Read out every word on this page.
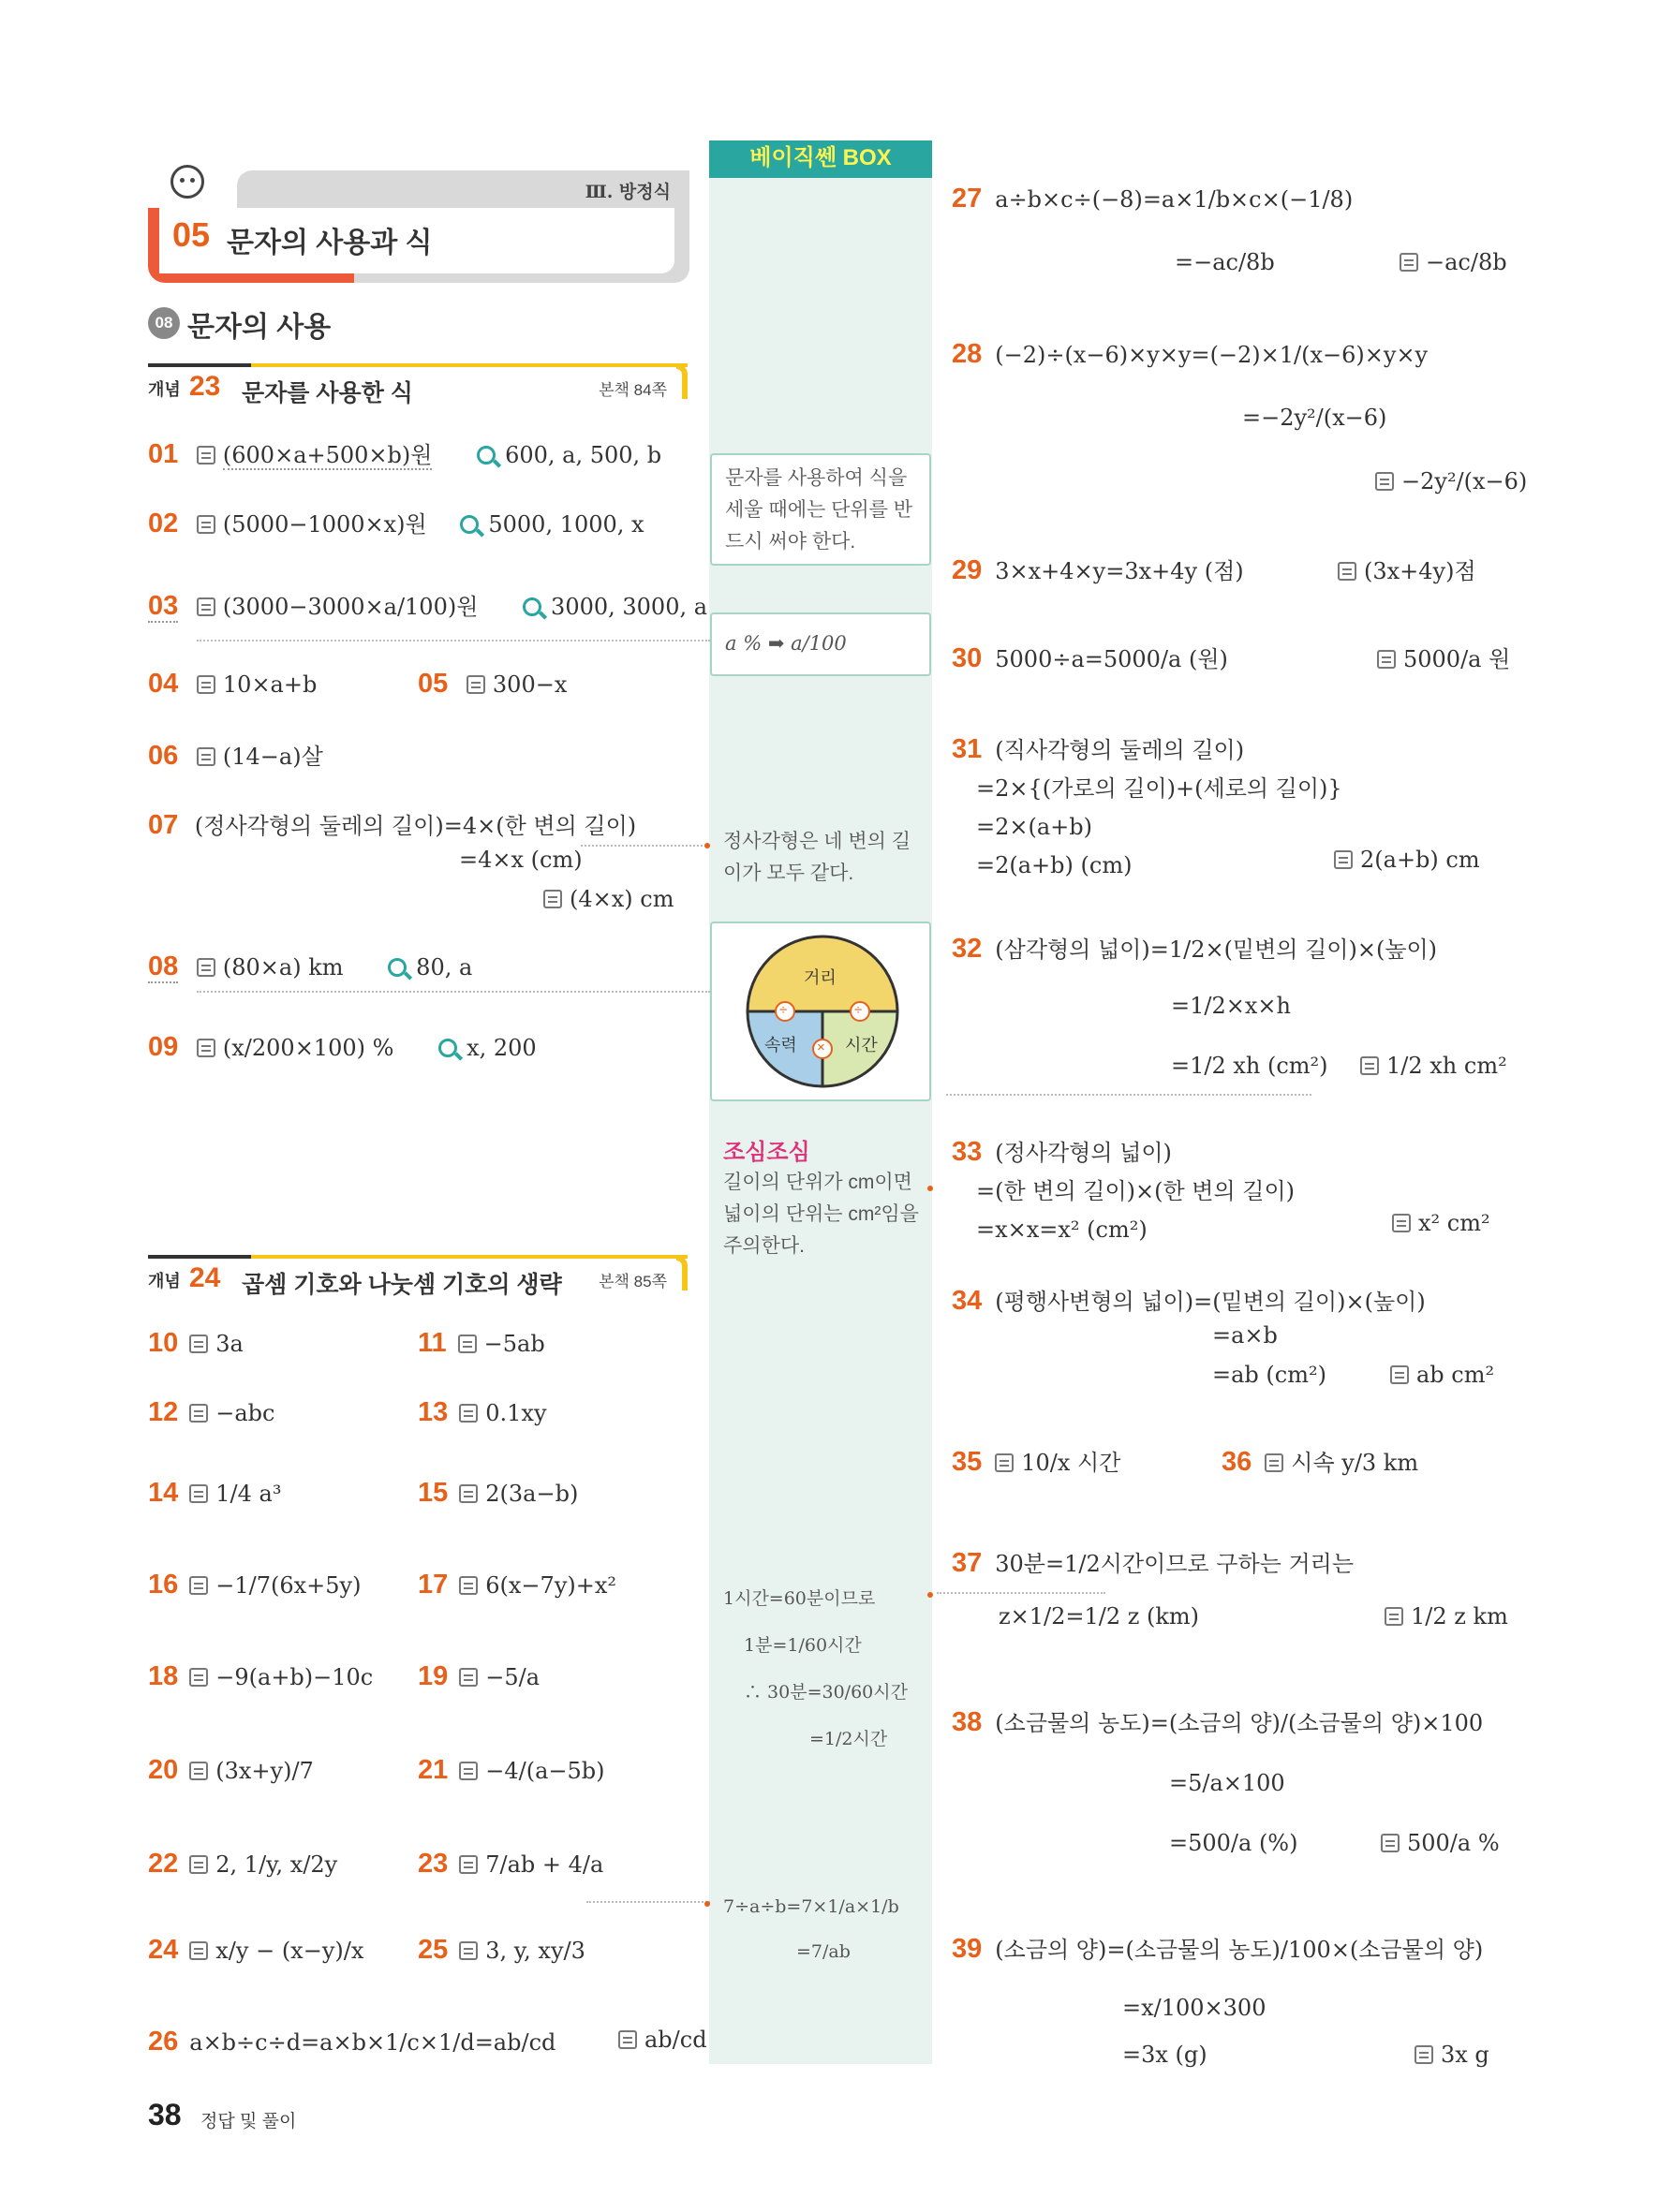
베이직쎈 BOX
Ⅲ. 방정식
05 문자의 사용과 식
08 문자의 사용
개념 23 문자를 사용한 식	본책 84쪽
01 (600×a+500×b)원	600, a, 500, b
02 (5000−1000×x)원	5000, 1000, x
03 (3000−3000×a/100)원	3000, 3000, a
04 10×a+b	05 300−x
06 (14−a)살
07 (정사각형의 둘레의 길이)=4×(한 변의 길이)
=4×x (cm)
(4×x) cm
08 (80×a) km	80, a
09 (x/200×100) %	x, 200
개념 24 곱셈 기호와 나눗셈 기호의 생략 본책 85쪽
10 3a	11 −5ab
12 −abc	13 0.1xy
14 1/4 a³	15 2(3a−b)
16 −1/7(6x+5y) 17 6(x−7y)+x²
18 −9(a+b)−10c 19 −5/a
20 (3x+y)/7	21 −4/(a−5b)
22 2, 1/y, x/2y	23 7/ab + 4/a
24 x/y − (x−y)/x 25 3, y, xy/3
26 a×b÷c÷d=a×b×1/c×1/d=ab/cd	ab/cd
문자를 사용하여 식을 세울 때에는 단위를 반드시 써야 한다.
a % ➡ a/100
정사각형은 네 변의 길이가 모두 같다.
거리
속력	시간
÷	÷
×
조심조심
길이의 단위가 cm이면 넓이의 단위는 cm²임을 주의한다.
1시간=60분이므로
1분=1/60시간
∴ 30분=30/60시간
=1/2시간
7÷a÷b=7×1/a×1/b
=7/ab
27 a÷b×c÷(−8)=a×1/b×c×(−1/8)
=−ac/8b	−ac/8b
28 (−2)÷(x−6)×y×y=(−2)×1/(x−6)×y×y
=−2y²/(x−6)
−2y²/(x−6)
29 3×x+4×y=3x+4y (점)	(3x+4y)점
30 5000÷a=5000/a (원)	5000/a 원
31 (직사각형의 둘레의 길이)
=2×{(가로의 길이)+(세로의 길이)}
=2×(a+b)
=2(a+b) (cm)	2(a+b) cm
32 (삼각형의 넓이)=1/2×(밑변의 길이)×(높이)
=1/2×x×h
=1/2 xh (cm²)	1/2 xh cm²
33 (정사각형의 넓이)
=(한 변의 길이)×(한 변의 길이)
=x×x=x² (cm²)	x² cm²
34 (평행사변형의 넓이)=(밑변의 길이)×(높이)
=a×b
=ab (cm²)	ab cm²
35 10/x 시간	36 시속 y/3 km
37 30분=1/2시간이므로 구하는 거리는
z×1/2=1/2 z (km)	1/2 z km
38 (소금물의 농도)=(소금의 양)/(소금물의 양)×100
=5/a×100
=500/a (%)	500/a %
39 (소금의 양)=(소금물의 농도)/100×(소금물의 양)
=x/100×300
=3x (g)	3x g
38 정답 및 풀이
